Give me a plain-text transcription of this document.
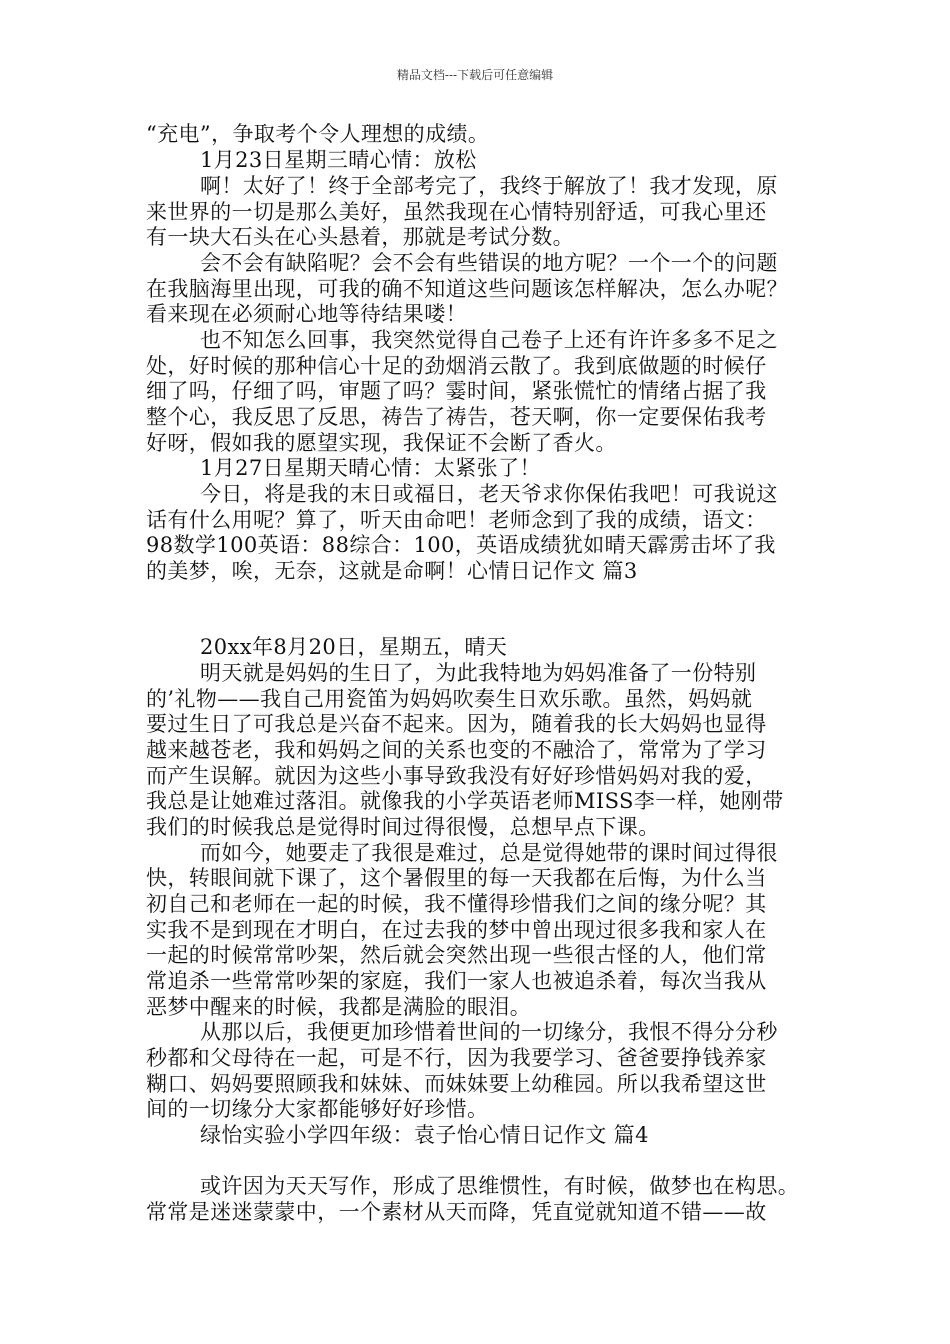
精品文档---下载后可任意编辑
“充电”，争取考个令人理想的成绩。
1月23日星期三晴心情：放松
啊！太好了！终于全部考完了，我终于解放了！我才发现，原
来世界的一切是那么美好，虽然我现在心情特别舒适，可我心里还
有一块大石头在心头悬着，那就是考试分数。
会不会有缺陷呢？会不会有些错误的地方呢？一个一个的问题
在我脑海里出现，可我的确不知道这些问题该怎样解决，怎么办呢？
看来现在必须耐心地等待结果喽！
也不知怎么回事，我突然觉得自己卷子上还有许许多多不足之
处，好时候的那种信心十足的劲烟消云散了。我到底做题的时候仔
细了吗，仔细了吗，审题了吗？霎时间，紧张慌忙的情绪占据了我
整个心，我反思了反思，祷告了祷告，苍天啊，你一定要保佑我考
好呀，假如我的愿望实现，我保证不会断了香火。
1月27日星期天晴心情：太紧张了！
今日，将是我的末日或福日，老天爷求你保佑我吧！可我说这
话有什么用呢？算了，听天由命吧！老师念到了我的成绩，语文：
98数学100英语：88综合：100，英语成绩犹如晴天霹雳击坏了我
的美梦，唉，无奈，这就是命啊！心情日记作文 篇3
20xx年8月20日，星期五，晴天
明天就是妈妈的生日了，为此我特地为妈妈准备了一份特别
的’礼物——我自己用瓷笛为妈妈吹奏生日欢乐歌。虽然，妈妈就
要过生日了可我总是兴奋不起来。因为，随着我的长大妈妈也显得
越来越苍老，我和妈妈之间的关系也变的不融洽了，常常为了学习
而产生误解。就因为这些小事导致我没有好好珍惜妈妈对我的爱，
我总是让她难过落泪。就像我的小学英语老师MISS李一样，她刚带
我们的时候我总是觉得时间过得很慢，总想早点下课。
而如今，她要走了我很是难过，总是觉得她带的课时间过得很
快，转眼间就下课了，这个暑假里的每一天我都在后悔，为什么当
初自己和老师在一起的时候，我不懂得珍惜我们之间的缘分呢？其
实我不是到现在才明白，在过去我的梦中曾出现过很多我和家人在
一起的时候常常吵架，然后就会突然出现一些很古怪的人，他们常
常追杀一些常常吵架的家庭，我们一家人也被追杀着，每次当我从
恶梦中醒来的时候，我都是满脸的眼泪。
从那以后，我便更加珍惜着世间的一切缘分，我恨不得分分秒
秒都和父母待在一起，可是不行，因为我要学习、爸爸要挣钱养家
糊口、妈妈要照顾我和妹妹、而妹妹要上幼稚园。所以我希望这世
间的一切缘分大家都能够好好珍惜。
绿怡实验小学四年级：袁子怡心情日记作文 篇4
或许因为天天写作，形成了思维惯性，有时候，做梦也在构思。
常常是迷迷蒙蒙中，一个素材从天而降，凭直觉就知道不错——故
